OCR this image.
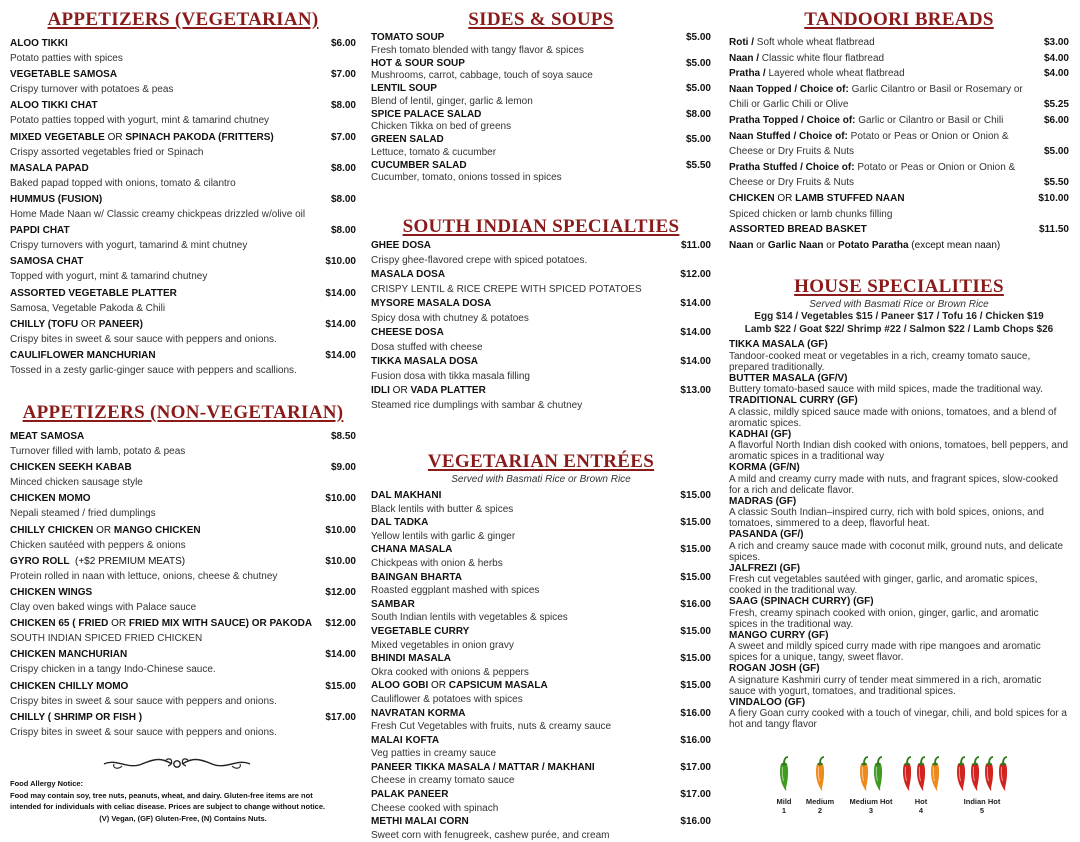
APPETIZERS (VEGETARIAN)
ALOO TIKKI	$6.00
Potato patties with spices
VEGETABLE SAMOSA	$7.00
Crispy turnover with potatoes & peas
ALOO TIKKI CHAT	$8.00
Potato patties topped with yogurt, mint & tamarind chutney
MIXED VEGETABLE OR SPINACH PAKODA (FRITTERS)	$7.00
Crispy assorted vegetables fried or Spinach
MASALA PAPAD	$8.00
Baked papad topped with onions, tomato & cilantro
HUMMUS (FUSION)	$8.00
Home Made Naan w/ Classic creamy chickpeas drizzled w/olive oil
PAPDI CHAT	$8.00
Crispy turnovers with yogurt, tamarind & mint chutney
SAMOSA CHAT	$10.00
Topped with yogurt, mint & tamarind chutney
ASSORTED VEGETABLE PLATTER	$14.00
Samosa, Vegetable Pakoda & Chili
CHILLY (TOFU OR PANEER)	$14.00
Crispy bites in sweet & sour sauce with peppers and onions.
CAULIFLOWER MANCHURIAN	$14.00
Tossed in a zesty garlic-ginger sauce with peppers and scallions.
APPETIZERS (NON-VEGETARIAN)
MEAT SAMOSA	$8.50
Turnover filled with lamb, potato & peas
CHICKEN SEEKH KABAB	$9.00
Minced chicken sausage style
CHICKEN MOMO	$10.00
Nepali steamed / fried dumplings
CHILLY CHICKEN OR MANGO CHICKEN	$10.00
Chicken sautéed with peppers & onions
GYRO ROLL  (+$2 PREMIUM MEATS)	$10.00
Protein rolled in naan with lettuce, onions, cheese & chutney
CHICKEN WINGS	$12.00
Clay oven baked wings with Palace sauce
CHICKEN 65 ( FRIED OR FRIED MIX WITH SAUCE) OR PAKODA $12.00
SOUTH INDIAN SPICED FRIED CHICKEN
CHICKEN MANCHURIAN	$14.00
Crispy chicken in a tangy Indo-Chinese sauce.
CHICKEN CHILLY MOMO	$15.00
Crispy bites in sweet & sour sauce with peppers and onions.
CHILLY ( SHRIMP OR FISH )	$17.00
Crispy bites in sweet & sour sauce with peppers and onions.
Food Allergy Notice:
Food may contain soy, tree nuts, peanuts, wheat, and dairy. Gluten-free items are not
intended for individuals with celiac disease. Prices are subject to change without notice.
(V) Vegan, (GF) Gluten-Free, (N) Contains Nuts.
SIDES & SOUPS
TOMATO SOUP	$5.00
Fresh tomato blended with tangy flavor & spices
HOT & SOUR SOUP	$5.00
Mushrooms, carrot, cabbage, touch of soya sauce
LENTIL SOUP	$5.00
Blend of lentil, ginger, garlic & lemon
SPICE PALACE SALAD	$8.00
Chicken Tikka on bed of greens
GREEN SALAD	$5.00
Lettuce, tomato & cucumber
CUCUMBER SALAD	$5.50
Cucumber, tomato, onions tossed in spices
SOUTH INDIAN SPECIALTIES
GHEE DOSA	$11.00
Crispy ghee-flavored crepe with spiced potatoes.
MASALA DOSA	$12.00
CRISPY LENTIL & RICE CREPE WITH SPICED POTATOES
MYSORE MASALA DOSA	$14.00
Spicy dosa with chutney & potatoes
CHEESE DOSA	$14.00
Dosa stuffed with cheese
TIKKA MASALA DOSA	$14.00
Fusion dosa with tikka masala filling
IDLI OR VADA PLATTER	$13.00
Steamed rice dumplings with sambar & chutney
VEGETARIAN ENTRÉES
Served with Basmati Rice or Brown Rice
DAL MAKHANI	$15.00
Black lentils with butter & spices
DAL TADKA	$15.00
Yellow lentils with garlic & ginger
CHANA MASALA	$15.00
Chickpeas with onion & herbs
BAINGAN BHARTA	$15.00
Roasted eggplant mashed with spices
SAMBAR	$16.00
South Indian lentils with vegetables & spices
VEGETABLE CURRY	$15.00
Mixed vegetables in onion gravy
BHINDI MASALA	$15.00
Okra cooked with onions & peppers
ALOO GOBI OR CAPSICUM MASALA	$15.00
Cauliflower & potatoes with spices
NAVRATAN KORMA	$16.00
Fresh Cut Vegetables with fruits, nuts & creamy sauce
MALAI KOFTA	$16.00
Veg patties in creamy sauce
PANEER TIKKA MASALA / MATTAR / MAKHANI	$17.00
Cheese in creamy tomato sauce
PALAK PANEER	$17.00
Cheese cooked with spinach
METHI MALAI CORN	$16.00
Sweet corn with fenugreek, cashew purée, and cream
TANDOORI BREADS
Roti / Soft whole wheat flatbread	$3.00
Naan / Classic white flour flatbread	$4.00
Pratha / Layered whole wheat flatbread	$4.00
Naan Topped / Choice of: Garlic Cilantro or Basil or Rosemary or Chili or Garlic Chili or Olive	$5.25
Pratha Topped / Choice of: Garlic or Cilantro or Basil or Chili	$6.00
Naan Stuffed / Choice of: Potato or Peas or Onion or Onion & Cheese or Dry Fruits & Nuts	$5.00
Pratha Stuffed / Choice of: Potato or Peas or Onion or Onion & Cheese or Dry Fruits & Nuts	$5.50
CHICKEN OR LAMB STUFFED NAAN	$10.00
Spiced chicken or lamb chunks filling
ASSORTED BREAD BASKET	$11.50
Naan or Garlic Naan or Potato Paratha (except mean naan)
HOUSE SPECIALITIES
Served with Basmati Rice or Brown Rice
Egg $14 / Vegetables $15 / Paneer $17 / Tofu 16 / Chicken $19
Lamb $22 / Goat $22/ Shrimp #22 / Salmon $22 / Lamb Chops $26
TIKKA MASALA (GF)
Tandoor-cooked meat or vegetables in a rich, creamy tomato sauce, prepared traditionally.
BUTTER MASALA (GF/V)
Buttery tomato-based sauce with mild spices, made the traditional way.
TRADITIONAL CURRY (GF)
A classic, mildly spiced sauce made with onions, tomatoes, and a blend of aromatic spices.
KADHAI (GF)
A flavorful North Indian dish cooked with onions, tomatoes, bell peppers, and aromatic spices in a traditional way
KORMA (GF/N)
A mild and creamy curry made with nuts, and fragrant spices, slow-cooked for a rich and delicate flavor.
MADRAS (GF)
A classic South Indian–inspired curry, rich with bold spices, onions, and tomatoes, simmered to a deep, flavorful heat.
PASANDA (GF/)
A rich and creamy sauce made with coconut milk, ground nuts, and delicate spices.
JALFREZI (GF)
Fresh cut vegetables sautéed with ginger, garlic, and aromatic spices, cooked in the traditional way.
SAAG (SPINACH CURRY) (GF)
Fresh, creamy spinach cooked with onion, ginger, garlic, and aromatic spices in the traditional way.
MANGO CURRY (GF)
A sweet and mildly spiced curry made with ripe mangoes and aromatic spices for a unique, tangy, sweet flavor.
ROGAN JOSH (GF)
A signature Kashmiri curry of tender meat simmered in a rich, aromatic sauce with yogurt, tomatoes, and traditional spices.
VINDALOO (GF)
A fiery Goan curry cooked with a touch of vinegar, chili, and bold spices for a hot and tangy flavor
Mild
1
Medium
2
Medium Hot
3
Hot
4
Indian Hot
5
